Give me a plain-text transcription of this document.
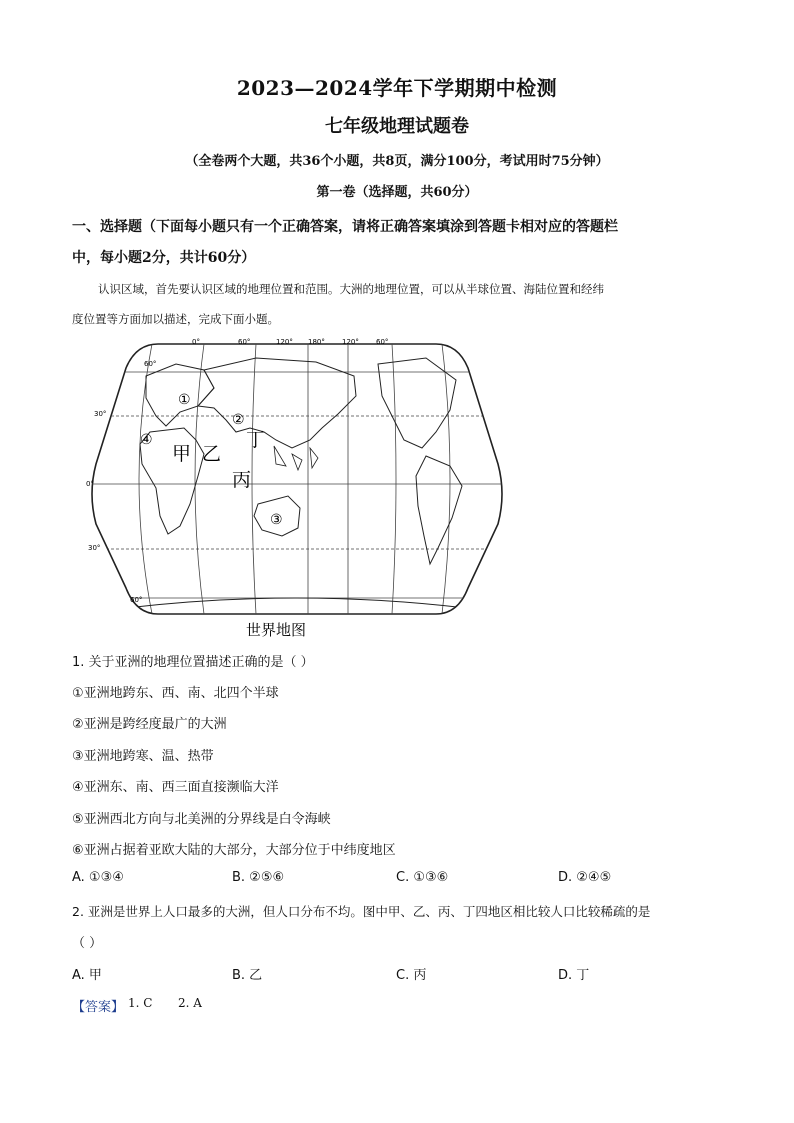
2023—2024学年下学期期中检测
七年级地理试题卷
（全卷两个大题，共36个小题，共8页，满分100分，考试用时75分钟）
第一卷（选择题，共60分）
一、选择题（下面每小题只有一个正确答案，请将正确答案填涂到答题卡相对应的答题栏
中，每小题2分，共计60分）
认识区域，首先要认识区域的地理位置和范围。大洲的地理位置，可以从半球位置、海陆位置和经纬
度位置等方面加以描述，完成下面小题。
0°	60°	120° 180° 120° 60°
60°
30°
0°
30°
60°
①
②
③
④
甲 乙
丙
丁
世界地图
1. 关于亚洲的地理位置描述正确的是（ ）
①亚洲地跨东、西、南、北四个半球
②亚洲是跨经度最广的大洲
③亚洲地跨寒、温、热带
④亚洲东、南、西三面直接濒临大洋
⑤亚洲西北方向与北美洲的分界线是白令海峡
⑥亚洲占据着亚欧大陆的大部分，大部分位于中纬度地区
A. ①③④	B. ②⑤⑥	C. ①③⑥	D. ②④⑤
2. 亚洲是世界上人口最多的大洲，但人口分布不均。图中甲、乙、丙、丁四地区相比较人口比较稀疏的是
（ ）
A. 甲	B. 乙	C. 丙	D. 丁
【答案】 1. C 2. A
